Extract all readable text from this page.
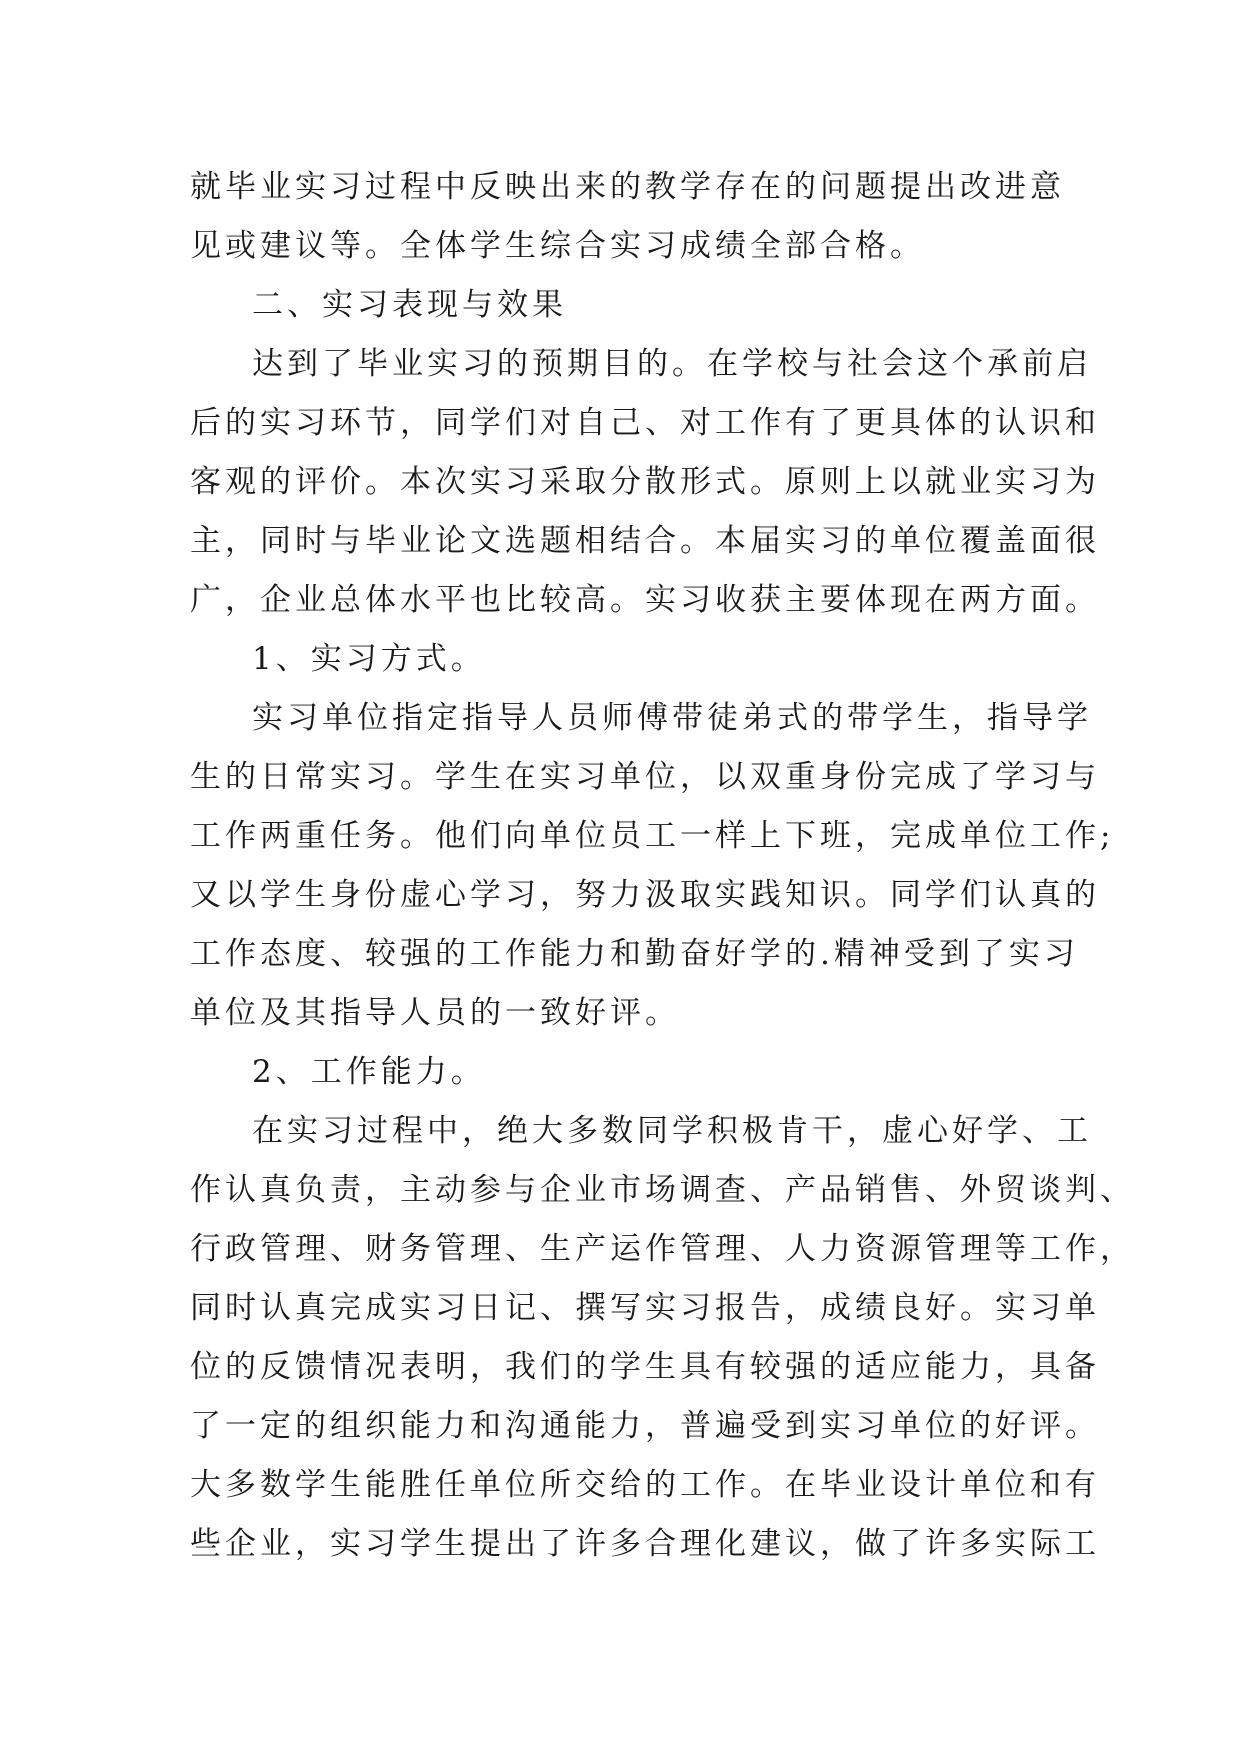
就毕业实习过程中反映出来的教学存在的问题提出改进意
见或建议等。全体学生综合实习成绩全部合格。
二、实习表现与效果
达到了毕业实习的预期目的。在学校与社会这个承前启
后的实习环节，同学们对自己、对工作有了更具体的认识和
客观的评价。本次实习采取分散形式。原则上以就业实习为
主，同时与毕业论文选题相结合。本届实习的单位覆盖面很
广，企业总体水平也比较高。实习收获主要体现在两方面。
1、实习方式。
实习单位指定指导人员师傅带徒弟式的带学生，指导学
生的日常实习。学生在实习单位，以双重身份完成了学习与
工作两重任务。他们向单位员工一样上下班，完成单位工作;
又以学生身份虚心学习，努力汲取实践知识。同学们认真的
工作态度、较强的工作能力和勤奋好学的.精神受到了实习
单位及其指导人员的一致好评。
2、工作能力。
在实习过程中，绝大多数同学积极肯干，虚心好学、工
作认真负责，主动参与企业市场调查、产品销售、外贸谈判、
行政管理、财务管理、生产运作管理、人力资源管理等工作，
同时认真完成实习日记、撰写实习报告，成绩良好。实习单
位的反馈情况表明，我们的学生具有较强的适应能力，具备
了一定的组织能力和沟通能力，普遍受到实习单位的好评。
大多数学生能胜任单位所交给的工作。在毕业设计单位和有
些企业，实习学生提出了许多合理化建议，做了许多实际工
